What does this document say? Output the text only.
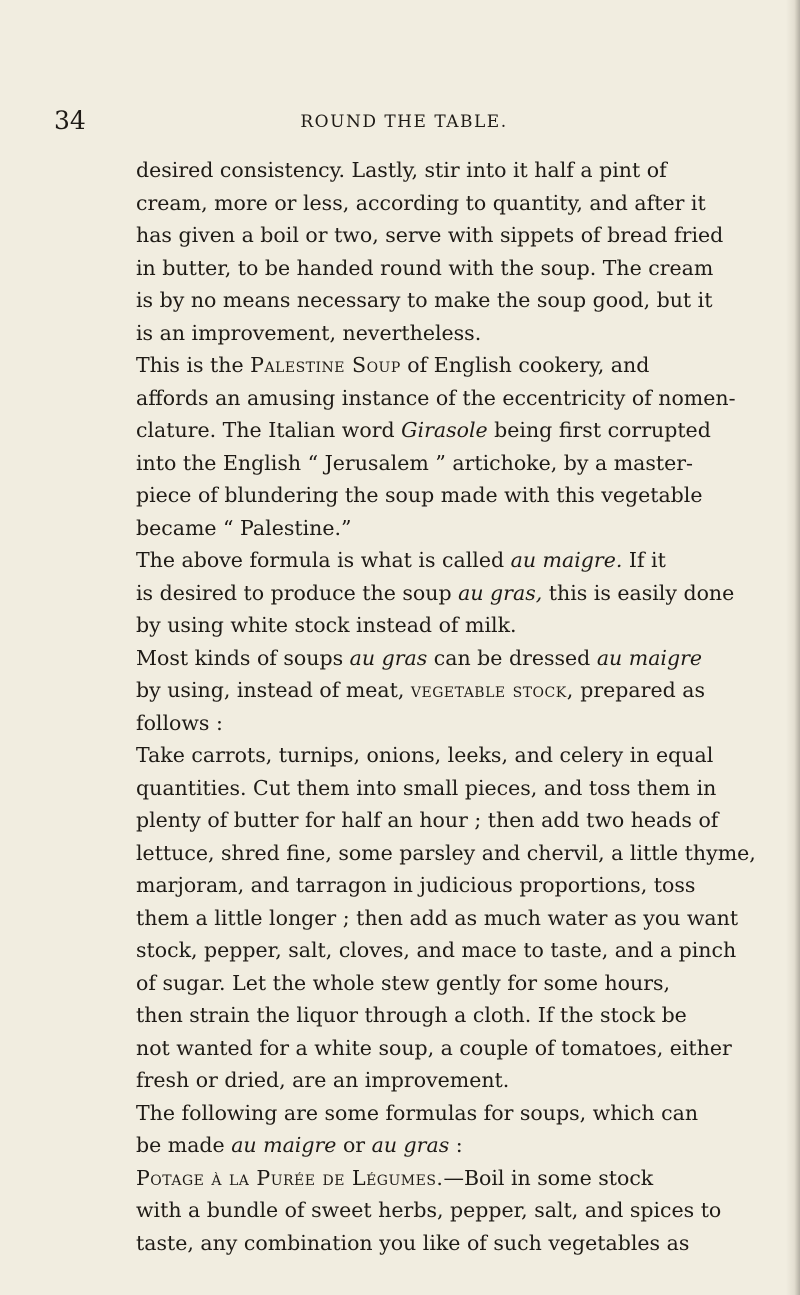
34	ROUND THE TABLE.
desired consistency. Lastly, stir into it half a pint of
cream, more or less, according to quantity, and after it
has given a boil or two, serve with sippets of bread fried
in butter, to be handed round with the soup. The cream
is by no means necessary to make the soup good, but it
is an improvement, nevertheless.
This is the Palestine Soup of English cookery, and
affords an amusing instance of the eccentricity of nomen-
clature. The Italian word Girasole being first corrupted
into the English “ Jerusalem ” artichoke, by a master-
piece of blundering the soup made with this vegetable
became “ Palestine.”
The above formula is what is called au maigre. If it
is desired to produce the soup au gras, this is easily done
by using white stock instead of milk.
Most kinds of soups au gras can be dressed au maigre
by using, instead of meat, vegetable stock, prepared as
follows :
Take carrots, turnips, onions, leeks, and celery in equal
quantities. Cut them into small pieces, and toss them in
plenty of butter for half an hour ; then add two heads of
lettuce, shred fine, some parsley and chervil, a little thyme,
marjoram, and tarragon in judicious proportions, toss
them a little longer ; then add as much water as you want
stock, pepper, salt, cloves, and mace to taste, and a pinch
of sugar. Let the whole stew gently for some hours,
then strain the liquor through a cloth. If the stock be
not wanted for a white soup, a couple of tomatoes, either
fresh or dried, are an improvement.
The following are some formulas for soups, which can
be made au maigre or au gras :
Potage à la Purée de Légumes.—Boil in some stock
with a bundle of sweet herbs, pepper, salt, and spices to
taste, any combination you like of such vegetables as
